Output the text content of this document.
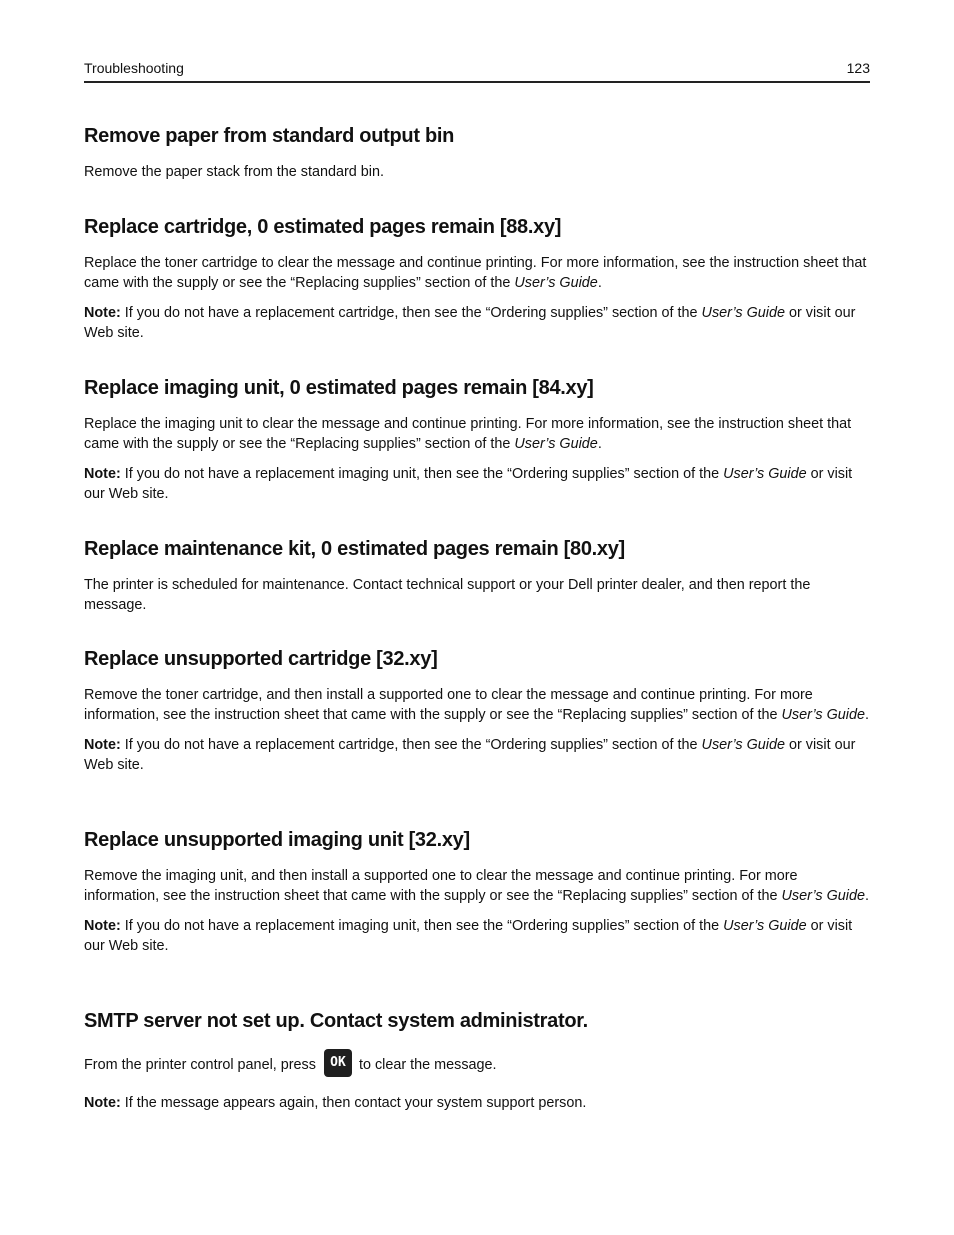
Troubleshooting	123
Remove paper from standard output bin

Remove the paper stack from the standard bin.

Replace cartridge, 0 estimated pages remain [88.xy]

Replace the toner cartridge to clear the message and continue printing. For more information, see the instruction sheet that came with the supply or see the “Replacing supplies” section of the User’s Guide.

Note: If you do not have a replacement cartridge, then see the “Ordering supplies” section of the User’s Guide or visit our Web site.

Replace imaging unit, 0 estimated pages remain [84.xy]

Replace the imaging unit to clear the message and continue printing. For more information, see the instruction sheet that came with the supply or see the “Replacing supplies” section of the User’s Guide.

Note: If you do not have a replacement imaging unit, then see the “Ordering supplies” section of the User’s Guide or visit our Web site.

Replace maintenance kit, 0 estimated pages remain [80.xy]

The printer is scheduled for maintenance. Contact technical support or your Dell printer dealer, and then report the message.

Replace unsupported cartridge [32.xy]

Remove the toner cartridge, and then install a supported one to clear the message and continue printing. For more information, see the instruction sheet that came with the supply or see the “Replacing supplies” section of the User’s Guide.

Note: If you do not have a replacement cartridge, then see the “Ordering supplies” section of the User’s Guide or visit our Web site.

Replace unsupported imaging unit [32.xy]

Remove the imaging unit, and then install a supported one to clear the message and continue printing. For more information, see the instruction sheet that came with the supply or see the “Replacing supplies” section of the User’s Guide.

Note: If you do not have a replacement imaging unit, then see the “Ordering supplies” section of the User’s Guide or visit our Web site.

SMTP server not set up. Contact system administrator.

From the printer control panel, press OK to clear the message.

Note: If the message appears again, then contact your system support person.
